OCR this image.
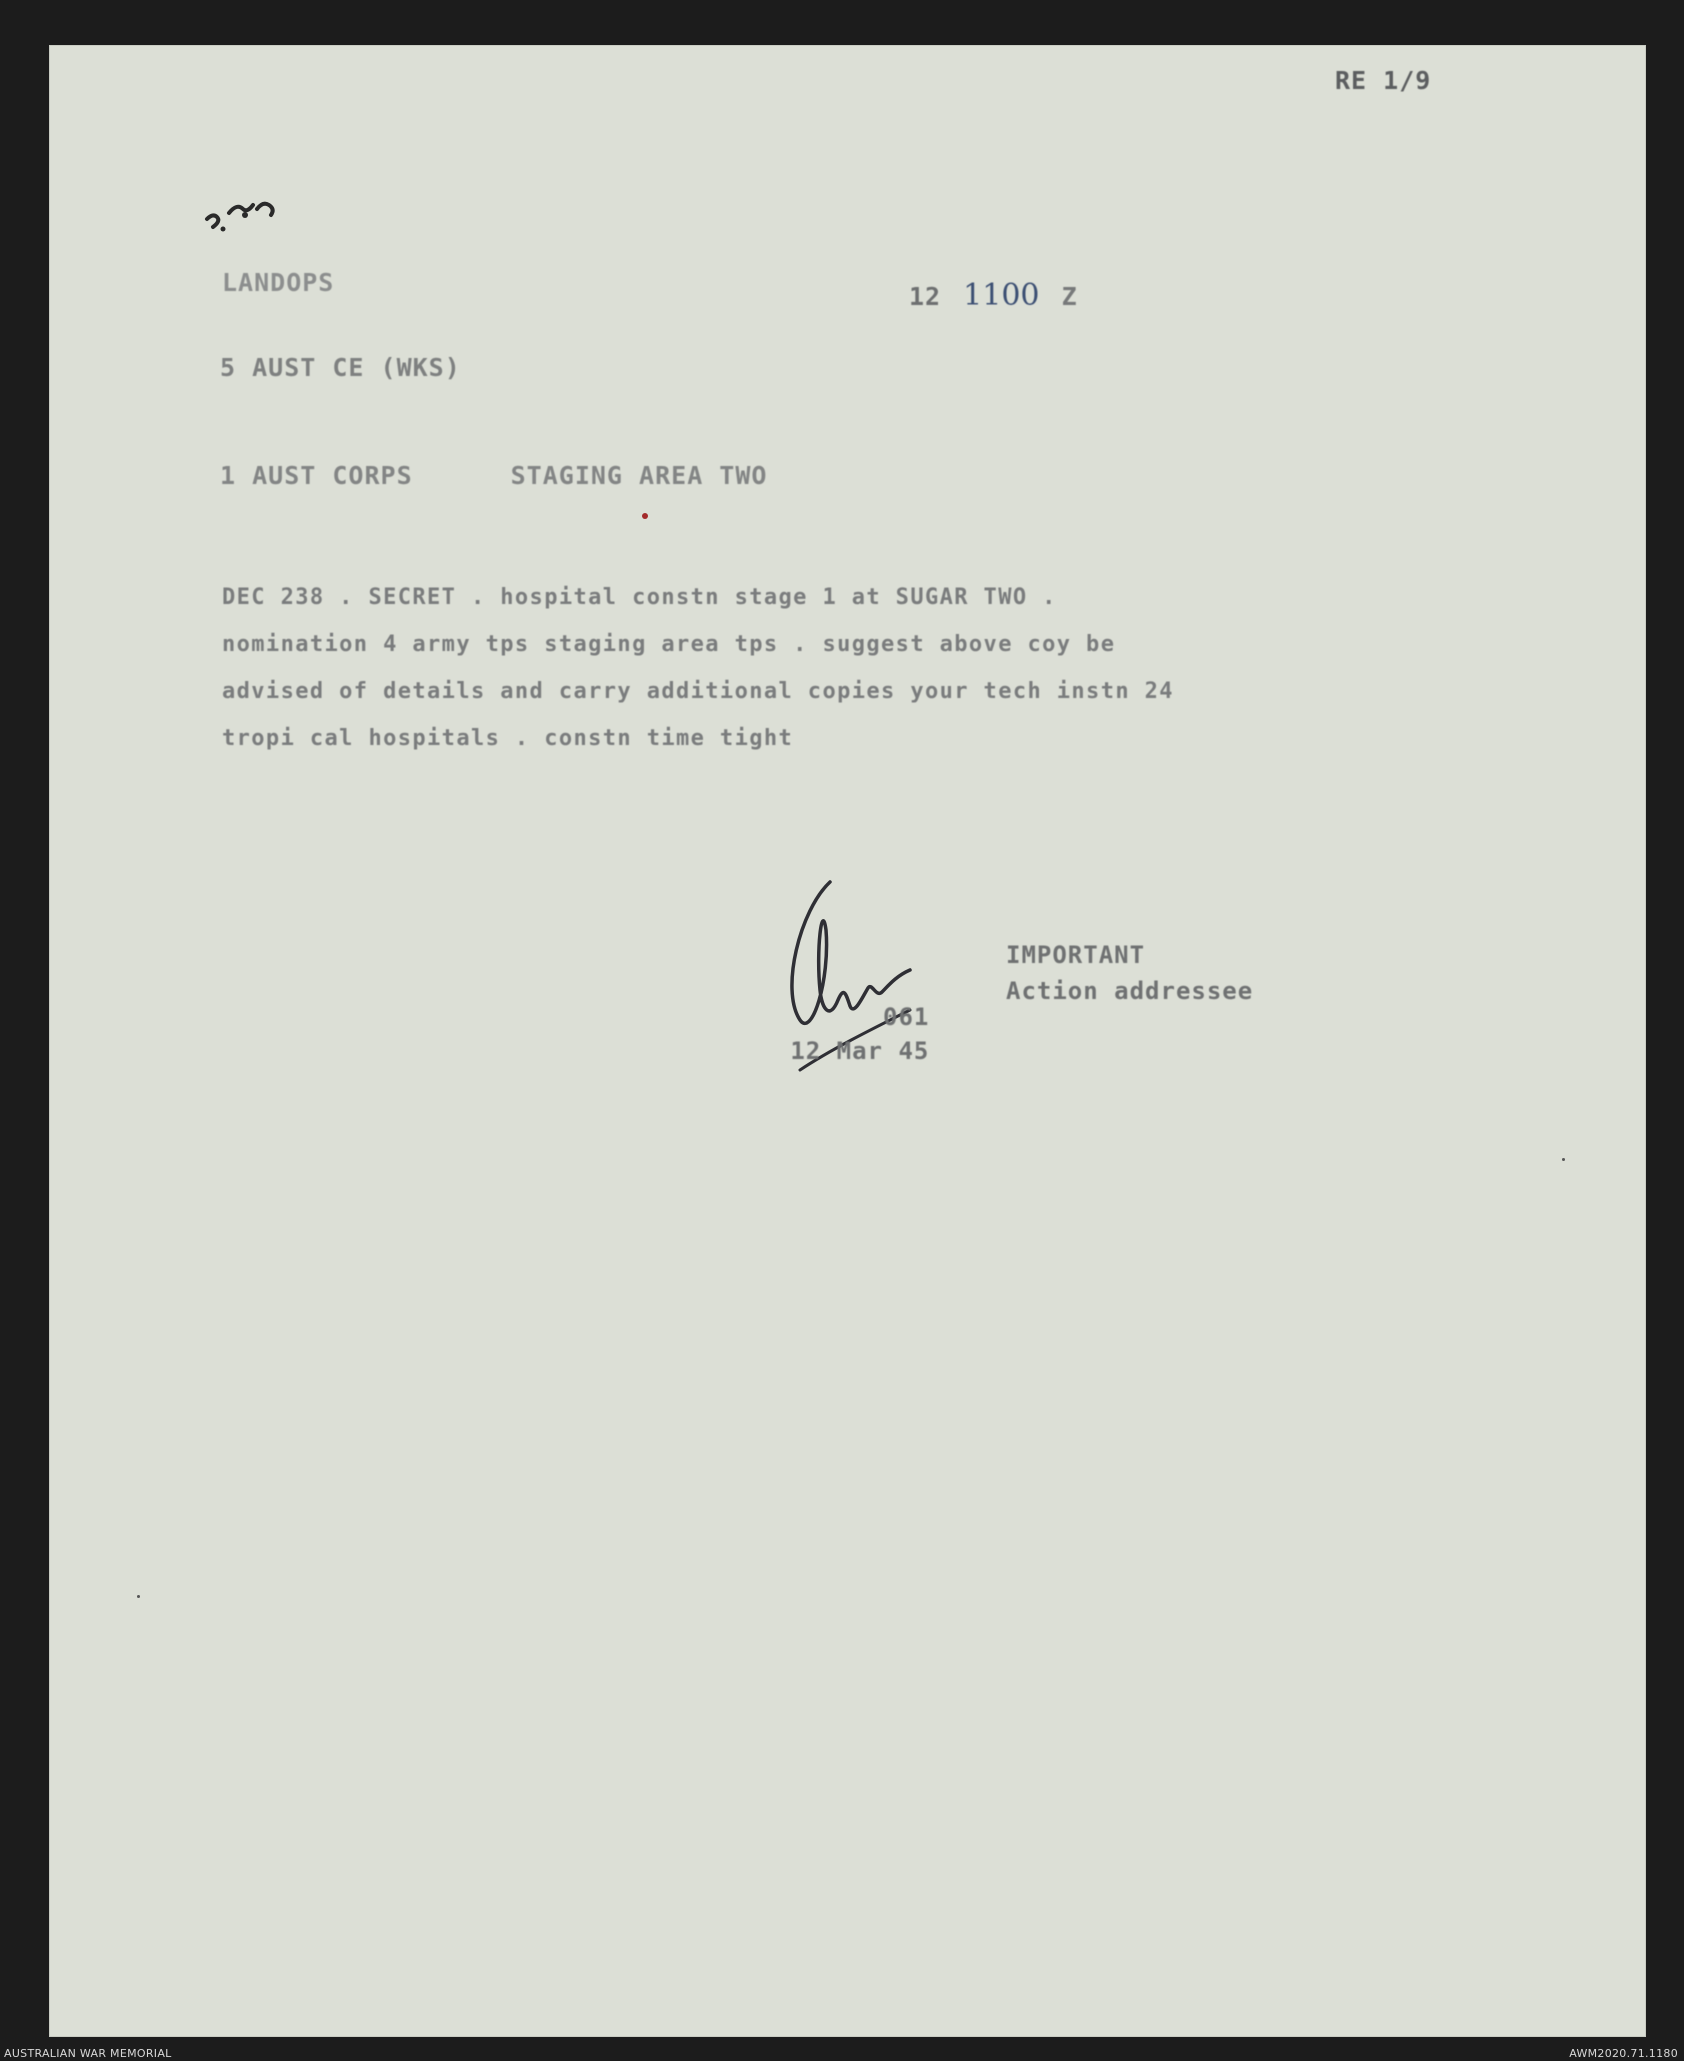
RE 1/9
LANDOPS	12 1100 Z
5 AUST CE (WKS)
1 AUST CORPS	STAGING AREA TWO
DEC 238 . SECRET . hospital constn stage 1 at SUGAR TWO .
nomination 4 army tps staging area tps . suggest above coy be
advised of details and carry additional copies your tech instn 24
tropi cal hospitals . constn time tight
IMPORTANT
Action addressee
061
12 Mar 45
AUSTRALIAN WAR MEMORIAL	AWM2020.71.1180
